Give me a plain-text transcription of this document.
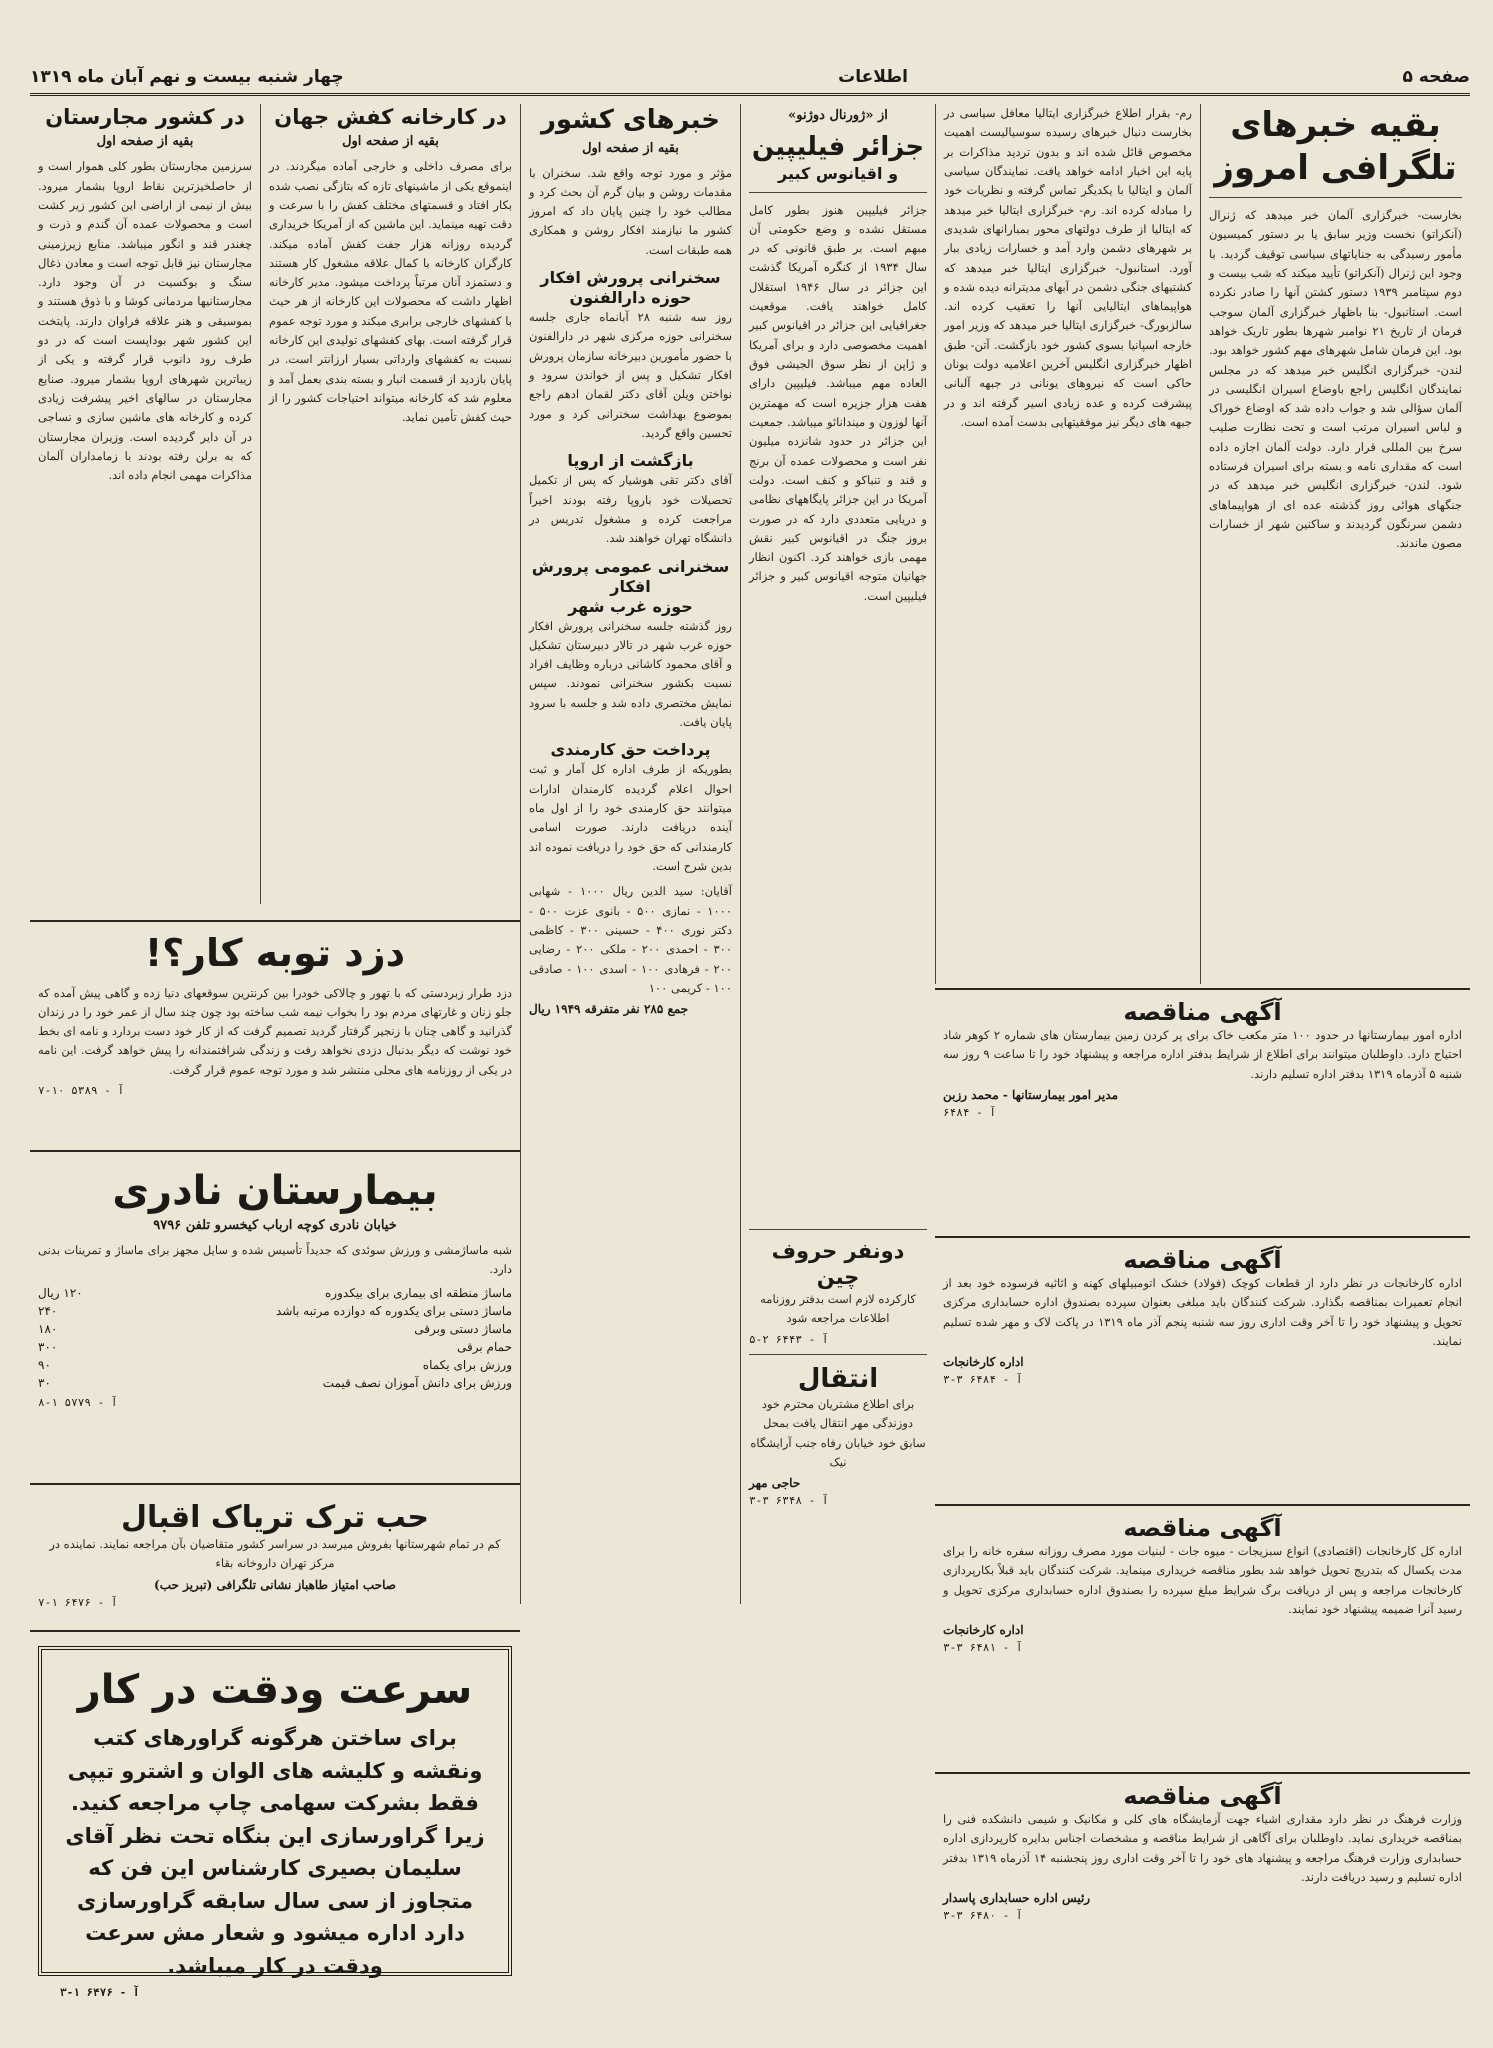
صفحه ۵
اطلاعات
چهار شنبه بیست و نهم آبان ماه ۱۳۱۹
بقیه خبرهای تلگرافی امروز
بخارست- خبرگزاری آلمان خبر میدهد که ژنرال (آنکراتو) نخست وزیر سابق یا بر دستور کمیسیون مأمور رسیدگی به جنایاتهای سیاسی توقیف گردید. با وجود این ژنرال (آنکراتو) تأیید میکند که شب بیست و دوم سپتامبر ۱۹۳۹ دستور کشتن آنها را صادر نکرده است. استانبول- بنا باظهار خبرگزاری آلمان سوجب فرمان از تاریخ ۲۱ نوامبر شهرها بطور تاریک خواهد بود. این فرمان شامل شهرهای مهم کشور خواهد بود. لندن- خبرگزاری انگلیس خبر میدهد که در مجلس نمایندگان انگلیس راجع باوضاع اسیران انگلیسی در آلمان سؤالی شد و جواب داده شد که اوضاع خوراک و لباس اسیران مرتب است و تحت نظارت صلیب سرخ بین المللی قرار دارد. دولت آلمان اجازه داده است که مقداری نامه و بسته برای اسیران فرستاده شود. لندن- خبرگزاری انگلیس خبر میدهد که در جنگهای هوائی روز گذشته عده ای از هواپیماهای دشمن سرنگون گردیدند و ساکنین شهر از خسارات مصون ماندند.
رم- بقرار اطلاع خبرگزاری ایتالیا معافل سیاسی در بخارست دنبال خبرهای رسیده سوسیالیست اهمیت مخصوص قائل شده اند و بدون تردید مذاکرات بر پایه این اخبار ادامه خواهد یافت. نمایندگان سیاسی آلمان و ایتالیا با یکدیگر تماس گرفته و نظریات خود را مبادله کرده اند. رم- خبرگزاری ایتالیا خبر میدهد که ایتالیا از طرف دولتهای محور بمبارانهای شدیدی بر شهرهای دشمن وارد آمد و خسارات زیادی ببار آورد. استانبول- خبرگزاری ایتالیا خبر میدهد که کشتیهای جنگی دشمن در آبهای مدیترانه دیده شده و هواپیماهای ایتالیایی آنها را تعقیب کرده اند. سالزبورگ- خبرگزاری ایتالیا خبر میدهد که وزیر امور خارجه اسپانیا بسوی کشور خود بازگشت. آتن- طبق اظهار خبرگزاری انگلیس آخرین اعلامیه دولت یونان حاکی است که نیروهای یونانی در جبهه آلبانی پیشرفت کرده و عده زیادی اسیر گرفته اند و در جبهه های دیگر نیز موفقیتهایی بدست آمده است.
از «ژورنال دوژنو»
جزائر فیلیپین
و اقیانوس کبیر
جزائر فیلیپین هنوز بطور کامل مستقل نشده و وضع حکومتی آن مبهم است. بر طبق قانونی که در سال ۱۹۳۴ از کنگره آمریکا گذشت این جزائر در سال ۱۹۴۶ استقلال کامل خواهند یافت. موقعیت جغرافیایی این جزائر در اقیانوس کبیر اهمیت مخصوصی دارد و برای آمریکا و ژاپن از نظر سوق الجیشی فوق العاده مهم میباشد. فیلیپین دارای هفت هزار جزیره است که مهمترین آنها لوزون و میندانائو میباشد. جمعیت این جزائر در حدود شانزده میلیون نفر است و محصولات عمده آن برنج و قند و تنباکو و کنف است. دولت آمریکا در این جزائر پایگاههای نظامی و دریایی متعددی دارد که در صورت بروز جنگ در اقیانوس کبیر نقش مهمی بازی خواهند کرد. اکنون انظار جهانیان متوجه اقیانوس کبیر و جزائر فیلیپین است.
دونفر حروف چین
کارکرده لازم است بدفتر روزنامه اطلاعات مراجعه شود
آ - ۶۴۴۳ ۲-۵
انتقال
برای اطلاع مشتریان محترم خود دوزندگی مهر انتقال یافت بمحل سابق خود خیابان رفاه جنب آرایشگاه نیک
حاجی مهر
آ - ۶۳۴۸ ۳-۳
خبرهای کشور
بقیه از صفحه اول
مؤثر و مورد توجه واقع شد. سخنران با مقدمات روشن و بیان گرم آن بحث کرد و مطالب خود را چنین پایان داد که امروز کشور ما نیازمند افکار روشن و همکاری همه طبقات است.
سخنرانی پرورش افکار
حوزه دارالفنون
روز سه شنبه ۲۸ آبانماه جاری جلسه سخنرانی حوزه مرکزی شهر در دارالفنون با حضور مأمورین دبیرخانه سازمان پرورش افکار تشکیل و پس از خواندن سرود و نواختن ویلن آقای دکتر لقمان ادهم راجع بموضوع بهداشت سخنرانی کرد و مورد تحسین واقع گردید.
بازگشت از اروپا
آقای دکتر تقی هوشیار که پس از تکمیل تحصیلات خود باروپا رفته بودند اخیراً مراجعت کرده و مشغول تدریس در دانشگاه تهران خواهند شد.
سخنرانی عمومی پرورش افکار
حوزه غرب شهر
روز گذشته جلسه سخنرانی پرورش افکار حوزه غرب شهر در تالار دبیرستان تشکیل و آقای محمود کاشانی درباره وظایف افراد نسبت بکشور سخنرانی نمودند. سپس نمایش مختصری داده شد و جلسه با سرود پایان یافت.
پرداخت حق کارمندی
بطوریکه از طرف اداره کل آمار و ثبت احوال اعلام گردیده کارمندان ادارات میتوانند حق کارمندی خود را از اول ماه آینده دریافت دارند. صورت اسامی کارمندانی که حق خود را دریافت نموده اند بدین شرح است.
آقایان: سید الدین ریال ۱۰۰۰ - شهابی ۱۰۰۰ - نمازی ۵۰۰ - بانوی عزت ۵۰۰ - دکتر نوری ۴۰۰ - حسینی ۳۰۰ - کاظمی ۳۰۰ - احمدی ۲۰۰ - ملکی ۲۰۰ - رضایی ۲۰۰ - فرهادی ۱۰۰ - اسدی ۱۰۰ - صادقی ۱۰۰ - کریمی ۱۰۰
جمع ۲۸۵ نفر متفرقه ۱۹۴۹ ریال
در کارخانه کفش جهان
بقیه از صفحه اول
برای مصرف داخلی و خارجی آماده میگردند. در اینموقع یکی از ماشینهای تازه که بتازگی نصب شده بکار افتاد و قسمتهای مختلف کفش را با سرعت و دقت تهیه مینماید. این ماشین که از آمریکا خریداری گردیده روزانه هزار جفت کفش آماده میکند. کارگران کارخانه با کمال علاقه مشغول کار هستند و دستمزد آنان مرتباً پرداخت میشود. مدیر کارخانه اظهار داشت که محصولات این کارخانه از هر حیث با کفشهای خارجی برابری میکند و مورد توجه عموم قرار گرفته است. بهای کفشهای تولیدی این کارخانه نسبت به کفشهای وارداتی بسیار ارزانتر است. در پایان بازدید از قسمت انبار و بسته بندی بعمل آمد و معلوم شد که کارخانه میتواند احتیاجات کشور را از حیث کفش تأمین نماید.
در کشور مجارستان
بقیه از صفحه اول
سرزمین مجارستان بطور کلی هموار است و از حاصلخیزترین نقاط اروپا بشمار میرود. بیش از نیمی از اراضی این کشور زیر کشت است و محصولات عمده آن گندم و ذرت و چغندر قند و انگور میباشد. منابع زیرزمینی مجارستان نیز قابل توجه است و معادن ذغال سنگ و بوکسیت در آن وجود دارد. مجارستانیها مردمانی کوشا و با ذوق هستند و بموسیقی و هنر علاقه فراوان دارند. پایتخت این کشور شهر بوداپست است که در دو طرف رود دانوب قرار گرفته و یکی از زیباترین شهرهای اروپا بشمار میرود. صنایع مجارستان در سالهای اخیر پیشرفت زیادی کرده و کارخانه های ماشین سازی و نساجی در آن دایر گردیده است. وزیران مجارستان که به برلن رفته بودند با زمامداران آلمان مذاکرات مهمی انجام داده اند.
دزد توبه کار؟!
دزد طرار زبردستی که با تهور و چالاکی خودرا بین کرنترین سوقعهای دنیا زده و گاهی پیش آمده که جلو زنان و غارتهای مردم بود را بخواب نیمه شب ساخته بود چون چند سال از عمر خود را در زندان گذرانید و گاهی چنان با زنجیر گرفتار گردید تصمیم گرفت که از کار خود دست بردارد و نامه ای بخط خود نوشت که دیگر بدنبال دزدی نخواهد رفت و زندگی شرافتمندانه را پیش خواهد گرفت. این نامه در یکی از روزنامه های محلی منتشر شد و مورد توجه عموم قرار گرفت.
آ - ۵۳۸۹ ۱۰-۷
بیمارستان نادری
خیابان نادری کوچه ارباب کیخسرو تلفن ۹۷۹۶
شبه ماساژمشی و ورزش سوئدی که جدیداً تأسیس شده و سایل مجهز برای ماساژ و تمرینات بدنی دارد.
ماساژ منطقه ای بیماری برای بیکدوره
۱۲۰ ریال
ماساژ دستی برای یکدوره که دوازده مرتبه باشد
۲۴۰
ماساژ دستی وبرقی
۱۸۰
حمام برقی
۳۰۰
ورزش برای یکماه
۹۰
ورزش برای دانش آموزان نصف قیمت
۳۰
آ - ۵۷۷۹ ۱-۸
حب ترک تریاک اقبال
کم در تمام شهرستانها بفروش میرسد در سراسر کشور متقاضیان بآن مراجعه نمایند. نماینده در مرکز تهران داروخانه بقاء
صاحب امتیاز طاهباز نشانی تلگرافی (تبریز حب)
آ - ۶۴۷۶ ۱-۷
سرعت ودقت در کار
برای ساختن هرگونه گراورهای کتب ونقشه و کلیشه های الوان و اشترو تیپی فقط بشرکت سهامی چاپ مراجعه کنید. زیرا گراورسازی این بنگاه تحت نظر آقای سلیمان بصیری کارشناس این فن که متجاوز از سی سال سابقه گراورسازی دارد اداره میشود و شعار مش سرعت ودقت در کار میباشد.
آ - ۶۴۷۶ ۱-۳
آگهی مناقصه
اداره امور بیمارستانها در حدود ۱۰۰ متر مکعب خاک برای پر کردن زمین بیمارستان های شماره ۲ کوهر شاد احتیاج دارد. داوطلبان میتوانند برای اطلاع از شرایط بدفتر اداره مراجعه و پیشنهاد خود را تا ساعت ۹ روز سه شنبه ۵ آذرماه ۱۳۱۹ بدفتر اداره تسلیم دارند.
مدیر امور بیمارستانها - محمد رزبن
آ - ۶۴۸۴
آگهی مناقصه
اداره کارخانجات در نظر دارد از قطعات کوچک (فولاد) خشک اتومبیلهای کهنه و اثاثیه فرسوده خود بعد از انجام تعمیرات بمناقصه بگذارد. شرکت کنندگان باید مبلغی بعنوان سپرده بصندوق اداره حسابداری مرکزی تحویل و پیشنهاد خود را تا آخر وقت اداری روز سه شنبه پنجم آذر ماه ۱۳۱۹ در پاکت لاک و مهر شده تسلیم نمایند.
اداره کارخانجات
آ - ۶۴۸۴ ۳-۳
آگهی مناقصه
اداره کل کارخانجات (اقتصادی) انواع سبزیجات - میوه جات - لبنیات مورد مصرف روزانه سفره خانه را برای مدت یکسال که بتدریج تحویل خواهد شد بطور مناقصه خریداری مینماید. شرکت کنندگان باید قبلاً بکارپردازی کارخانجات مراجعه و پس از دریافت برگ شرایط مبلغ سپرده را بصندوق اداره حسابداری مرکزی تحویل و رسید آنرا ضمیمه پیشنهاد خود نمایند.
اداره کارخانجات
آ - ۶۴۸۱ ۳-۳
آگهی مناقصه
وزارت فرهنگ در نظر دارد مقداری اشیاء جهت آزمایشگاه های کلی و مکانیک و شیمی دانشکده فنی را بمناقصه خریداری نماید. داوطلبان برای آگاهی از شرایط مناقصه و مشخصات اجناس بدایره کارپردازی اداره حسابداری وزارت فرهنگ مراجعه و پیشنهاد های خود را تا آخر وقت اداری روز پنجشنبه ۱۴ آذرماه ۱۳۱۹ بدفتر اداره تسلیم و رسید دریافت دارند.
رئیس اداره حسابداری پاسدار
آ - ۶۴۸۰ ۳-۳
